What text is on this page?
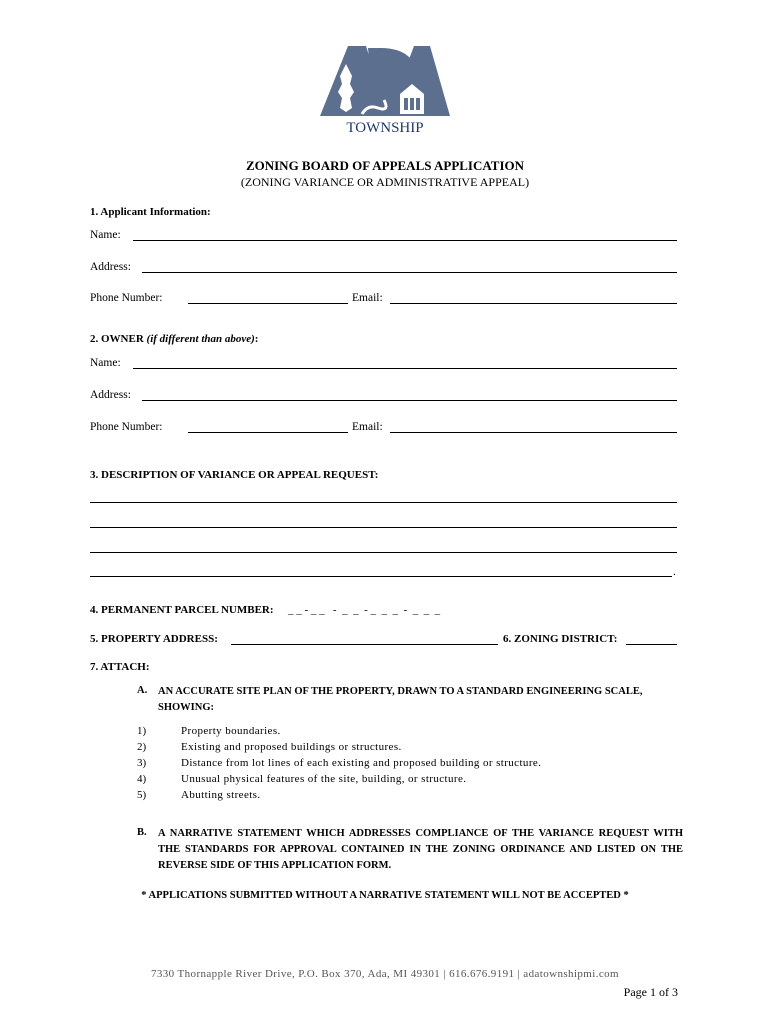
TOWNSHIP
ZONING BOARD OF APPEALS APPLICATION
(ZONING VARIANCE OR ADMINISTRATIVE APPEAL)
1. Applicant Information:
Name:
Address:
Phone Number:	Email:
2. OWNER (if different than above):
Name:
Address:
Phone Number:	Email:
3. DESCRIPTION OF VARIANCE OR APPEAL REQUEST:
.
4. PERMANENT PARCEL NUMBER: _ _ - _ _   -  _  _  - _  _  _  -  _  _  _
5. PROPERTY ADDRESS:	6. ZONING DISTRICT:
7. ATTACH:
A. AN ACCURATE SITE PLAN OF THE PROPERTY, DRAWN TO A STANDARD ENGINEERING SCALE, SHOWING:
1)	Property boundaries.
2)	Existing and proposed buildings or structures.
3)	Distance from lot lines of each existing and proposed building or structure.
4)	Unusual physical features of the site, building, or structure.
5)	Abutting streets.
B. A NARRATIVE STATEMENT WHICH ADDRESSES COMPLIANCE OF THE VARIANCE REQUEST WITH THE STANDARDS FOR APPROVAL CONTAINED IN THE ZONING ORDINANCE AND LISTED ON THE REVERSE SIDE OF THIS APPLICATION FORM.
* APPLICATIONS SUBMITTED WITHOUT A NARRATIVE STATEMENT WILL NOT BE ACCEPTED *
7330 Thornapple River Drive, P.O. Box 370, Ada, MI 49301 | 616.676.9191 | adatownshipmi.com
Page 1 of 3
